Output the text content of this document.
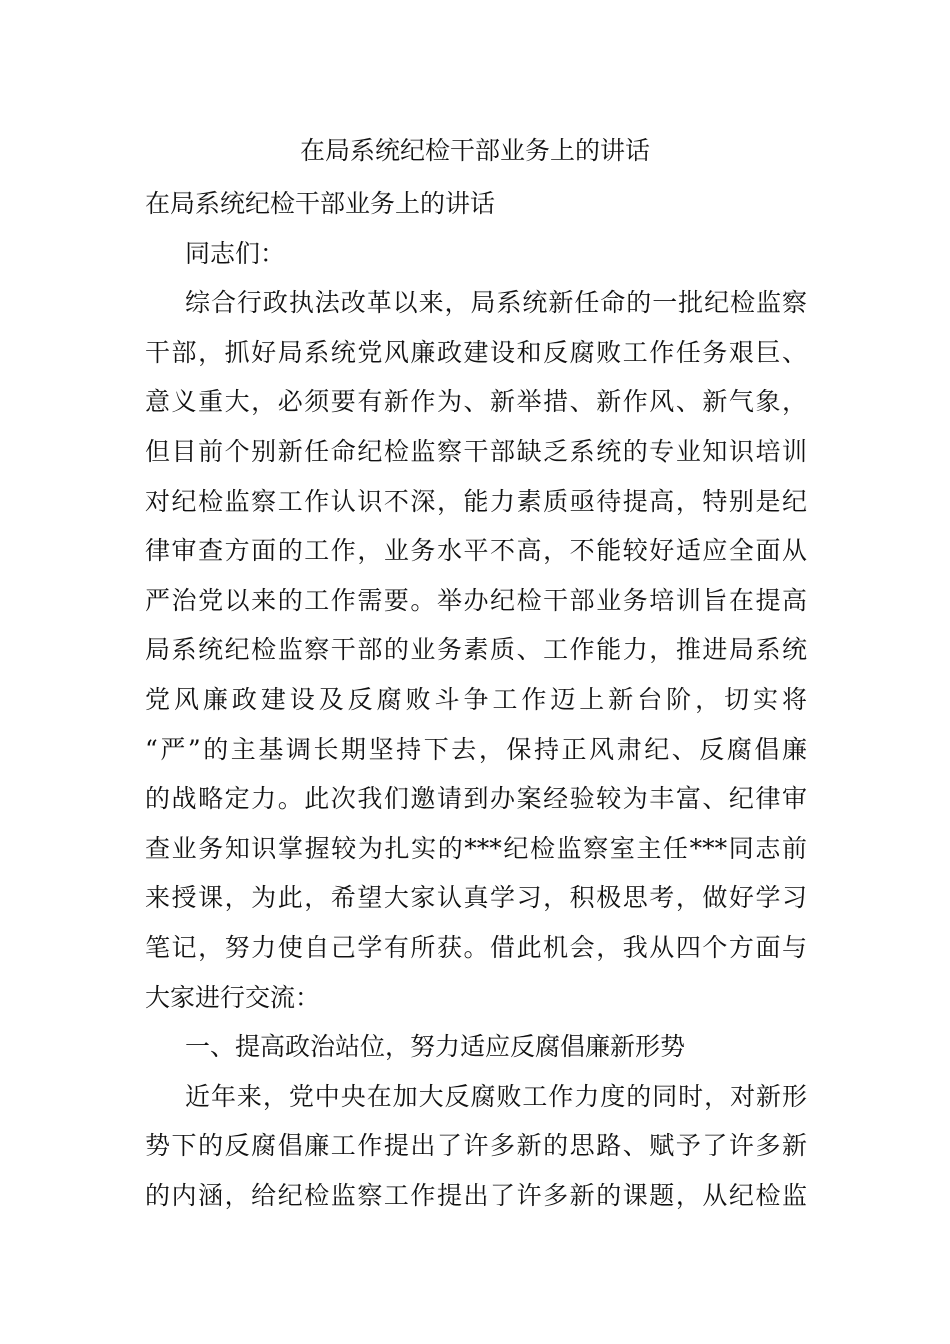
在局系统纪检干部业务上的讲话
在局系统纪检干部业务上的讲话
同志们：
综合行政执法改革以来，局系统新任命的一批纪检监察
干部，抓好局系统党风廉政建设和反腐败工作任务艰巨、
意义重大，必须要有新作为、新举措、新作风、新气象，
但目前个别新任命纪检监察干部缺乏系统的专业知识培训
对纪检监察工作认识不深，能力素质亟待提高，特别是纪
律审查方面的工作，业务水平不高，不能较好适应全面从
严治党以来的工作需要。举办纪检干部业务培训旨在提高
局系统纪检监察干部的业务素质、工作能力，推进局系统
党风廉政建设及反腐败斗争工作迈上新台阶，切实将
“严”的主基调长期坚持下去，保持正风肃纪、反腐倡廉
的战略定力。此次我们邀请到办案经验较为丰富、纪律审
查业务知识掌握较为扎实的***纪检监察室主任***同志前
来授课，为此，希望大家认真学习，积极思考，做好学习
笔记，努力使自己学有所获。借此机会，我从四个方面与
大家进行交流：
一、提高政治站位，努力适应反腐倡廉新形势
近年来，党中央在加大反腐败工作力度的同时，对新形
势下的反腐倡廉工作提出了许多新的思路、赋予了许多新
的内涵，给纪检监察工作提出了许多新的课题，从纪检监
